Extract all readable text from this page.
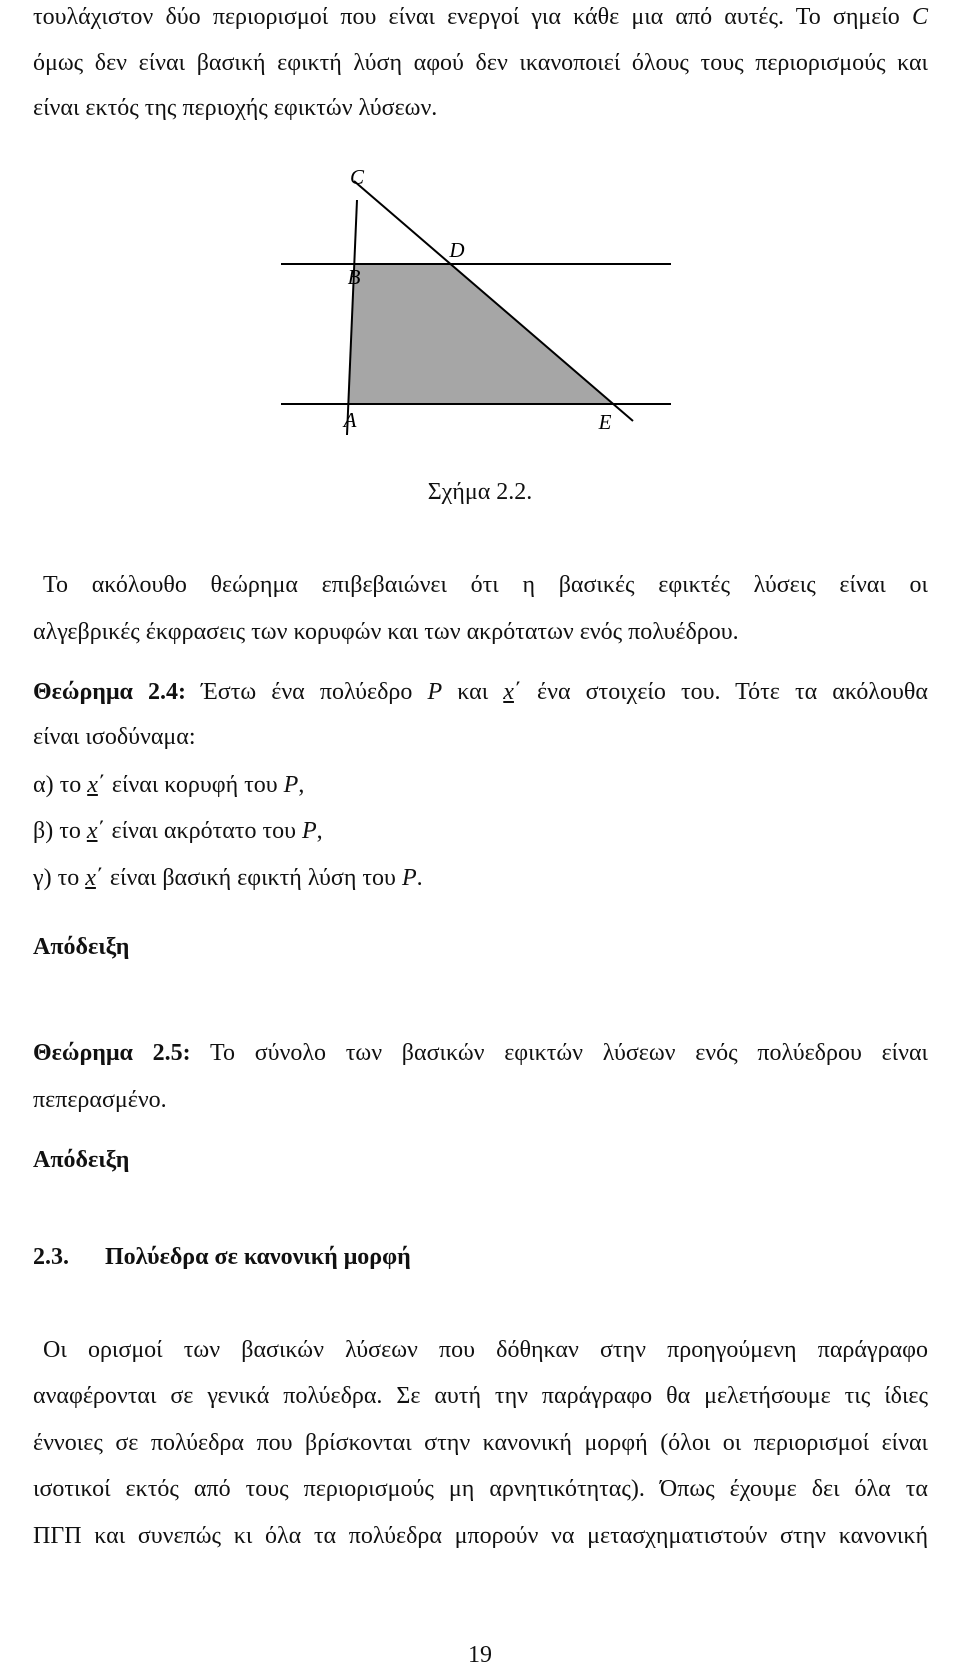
τουλάχιστον δύο περιορισμοί που είναι ενεργοί για κάθε μια από αυτές. Το σημείο C
όμως δεν είναι βασική εφικτή λύση αφού δεν ικανοποιεί όλους τους περιορισμούς και
είναι εκτός της περιοχής εφικτών λύσεων.
C
D
B
A	E
Σχήμα 2.2.
Το ακόλουθο θεώρημα επιβεβαιώνει ότι η βασικές εφικτές λύσεις είναι οι
αλγεβρικές έκφρασεις των κορυφών και των ακρότατων ενός πολυέδρου.
Θεώρημα 2.4: Έστω ένα πολύεδρο P και x΄ ένα στοιχείο του. Τότε τα ακόλουθα
είναι ισοδύναμα:
α) το x΄ είναι κορυφή του P,
β) το x΄ είναι ακρότατο του P,
γ) το x΄ είναι βασική εφικτή λύση του P.
Απόδειξη
Θεώρημα 2.5: Το σύνολο των βασικών εφικτών λύσεων ενός πολύεδρου είναι
πεπερασμένο.
Απόδειξη
2.3. Πολύεδρα σε κανονική μορφή
Οι ορισμοί των βασικών λύσεων που δόθηκαν στην προηγούμενη παράγραφο
αναφέρονται σε γενικά πολύεδρα. Σε αυτή την παράγραφο θα μελετήσουμε τις ίδιες
έννοιες σε πολύεδρα που βρίσκονται στην κανονική μορφή (όλοι οι περιορισμοί είναι
ισοτικοί εκτός από τους περιορισμούς μη αρνητικότητας). Όπως έχουμε δει όλα τα
ΠΓΠ και συνεπώς κι όλα τα πολύεδρα μπορούν να μετασχηματιστούν στην κανονική
19
